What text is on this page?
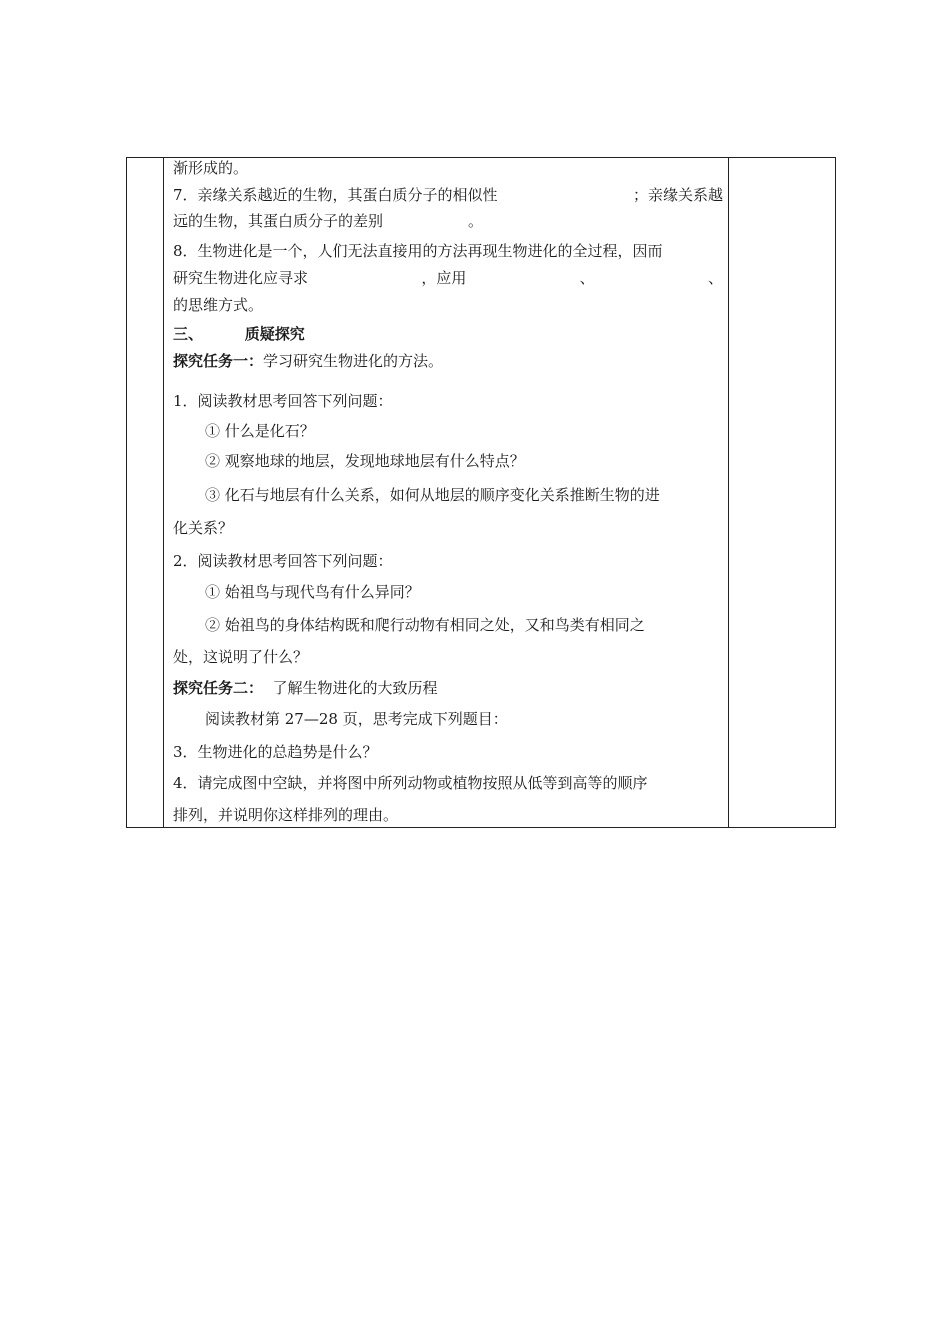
渐形成的。
7．亲缘关系越近的生物，其蛋白质分子的相似性	；亲缘关系越
远的生物，其蛋白质分子的差别	。
8．生物进化是一个，人们无法直接用的方法再现生物进化的全过程，因而
研究生物进化应寻求	，应用	、	、
的思维方式。
三、        质疑探究
探究任务一：学习研究生物进化的方法。
1．阅读教材思考回答下列问题：
① 什么是化石？
② 观察地球的地层，发现地球地层有什么特点？
③ 化石与地层有什么关系，如何从地层的顺序变化关系推断生物的进
化关系？
2．阅读教材思考回答下列问题：
① 始祖鸟与现代鸟有什么异同？
② 始祖鸟的身体结构既和爬行动物有相同之处，又和鸟类有相同之
处，这说明了什么？
探究任务二：  了解生物进化的大致历程
阅读教材第 27—28 页，思考完成下列题目：
3．生物进化的总趋势是什么？
4．请完成图中空缺，并将图中所列动物或植物按照从低等到高等的顺序
排列，并说明你这样排列的理由。
